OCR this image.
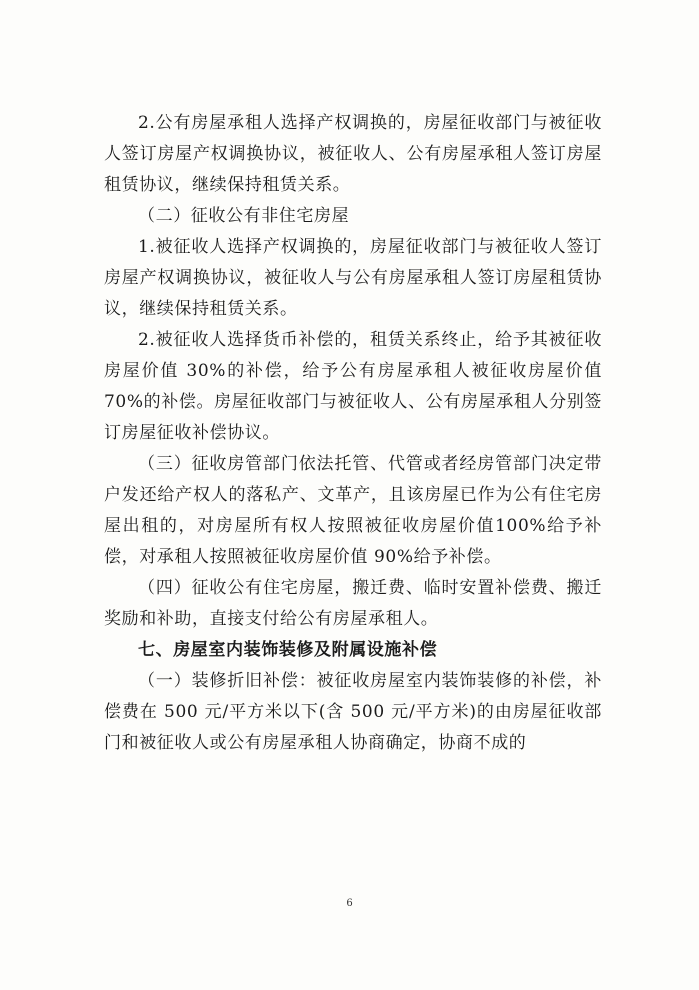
2.公有房屋承租人选择产权调换的，房屋征收部门与被征收人签订房屋产权调换协议，被征收人、公有房屋承租人签订房屋租赁协议，继续保持租赁关系。

（二）征收公有非住宅房屋

1.被征收人选择产权调换的，房屋征收部门与被征收人签订房屋产权调换协议，被征收人与公有房屋承租人签订房屋租赁协议，继续保持租赁关系。

2.被征收人选择货币补偿的，租赁关系终止，给予其被征收房屋价值 30%的补偿，给予公有房屋承租人被征收房屋价值 70%的补偿。房屋征收部门与被征收人、公有房屋承租人分别签订房屋征收补偿协议。

（三）征收房管部门依法托管、代管或者经房管部门决定带户发还给产权人的落私产、文革产，且该房屋已作为公有住宅房屋出租的，对房屋所有权人按照被征收房屋价值100%给予补偿，对承租人按照被征收房屋价值 90%给予补偿。

（四）征收公有住宅房屋，搬迁费、临时安置补偿费、搬迁奖励和补助，直接支付给公有房屋承租人。

七、房屋室内装饰装修及附属设施补偿

（一）装修折旧补偿：被征收房屋室内装饰装修的补偿，补偿费在 500 元/平方米以下(含 500 元/平方米)的由房屋征收部门和被征收人或公有房屋承租人协商确定，协商不成的

6
